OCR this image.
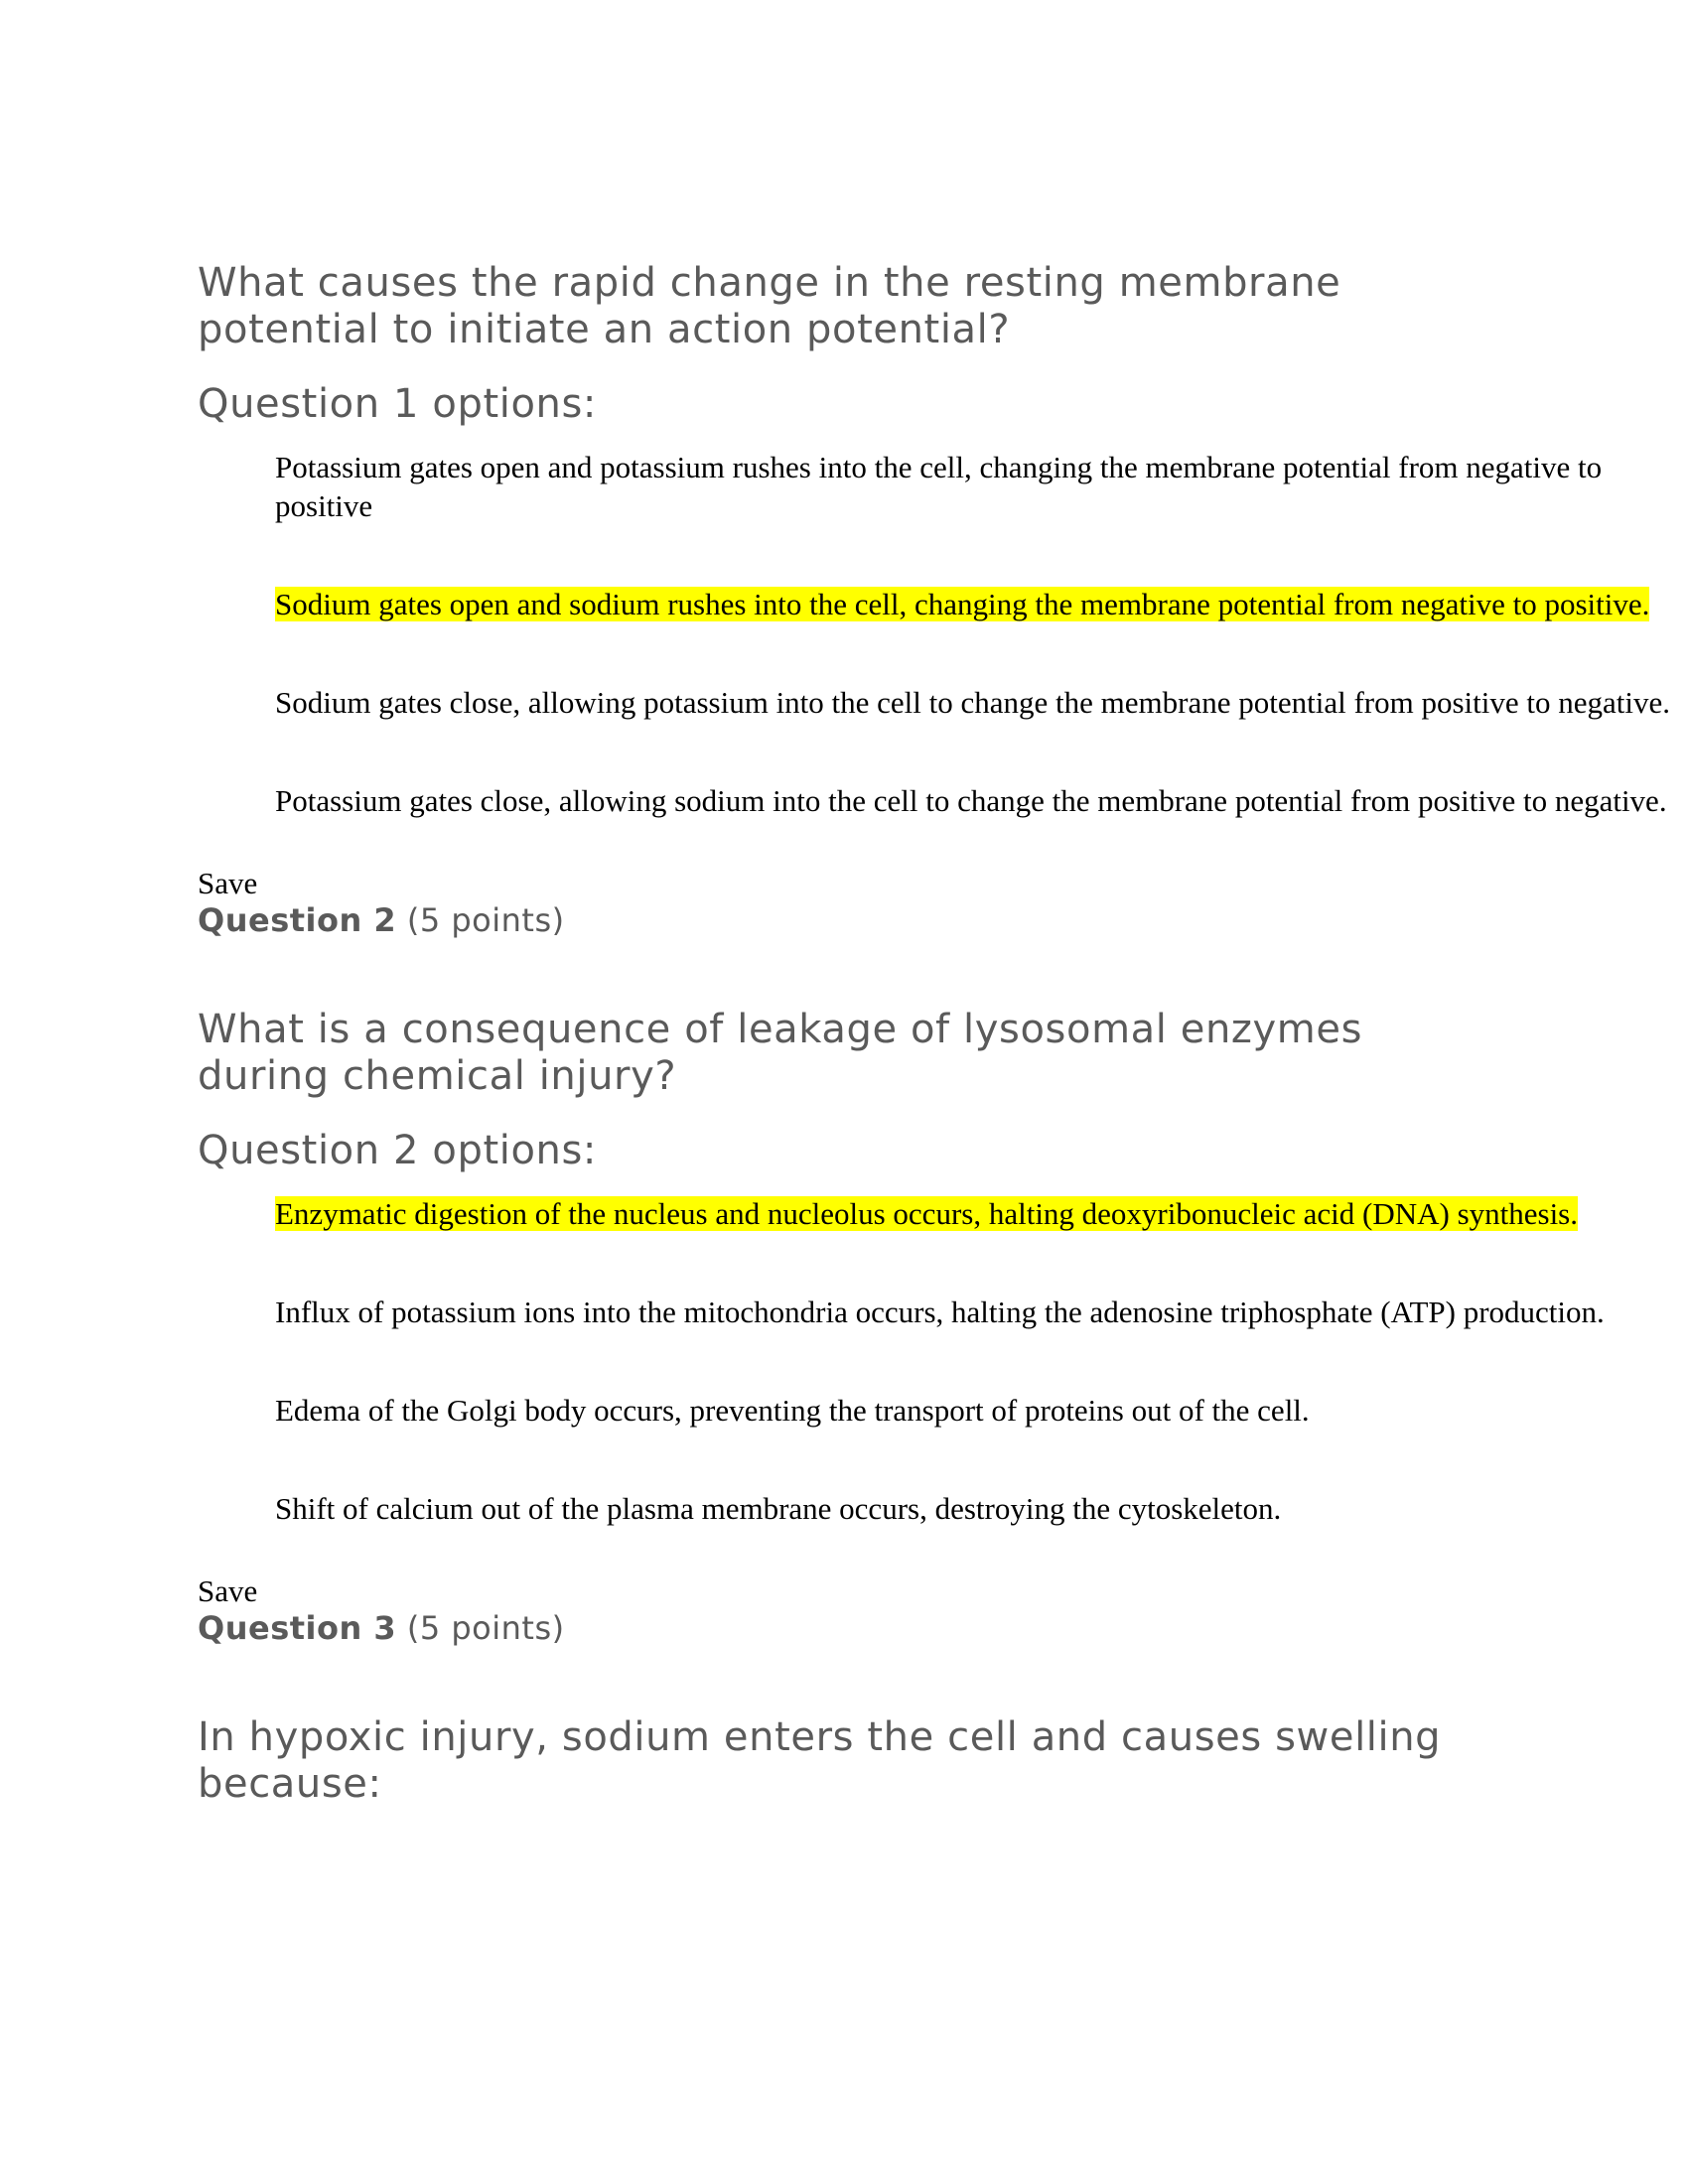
What causes the rapid change in the resting membrane potential to initiate an action potential?

Question 1 options:

Potassium gates open and potassium rushes into the cell, changing the membrane potential from negative to positive

Sodium gates open and sodium rushes into the cell, changing the membrane potential from negative to positive.

Sodium gates close, allowing potassium into the cell to change the membrane potential from positive to negative.

Potassium gates close, allowing sodium into the cell to change the membrane potential from positive to negative.

Save

Question 2 (5 points)

What is a consequence of leakage of lysosomal enzymes during chemical injury?

Question 2 options:

Enzymatic digestion of the nucleus and nucleolus occurs, halting deoxyribonucleic acid (DNA) synthesis.

Influx of potassium ions into the mitochondria occurs, halting the adenosine triphosphate (ATP) production.

Edema of the Golgi body occurs, preventing the transport of proteins out of the cell.

Shift of calcium out of the plasma membrane occurs, destroying the cytoskeleton.

Save

Question 3 (5 points)

In hypoxic injury, sodium enters the cell and causes swelling because:
